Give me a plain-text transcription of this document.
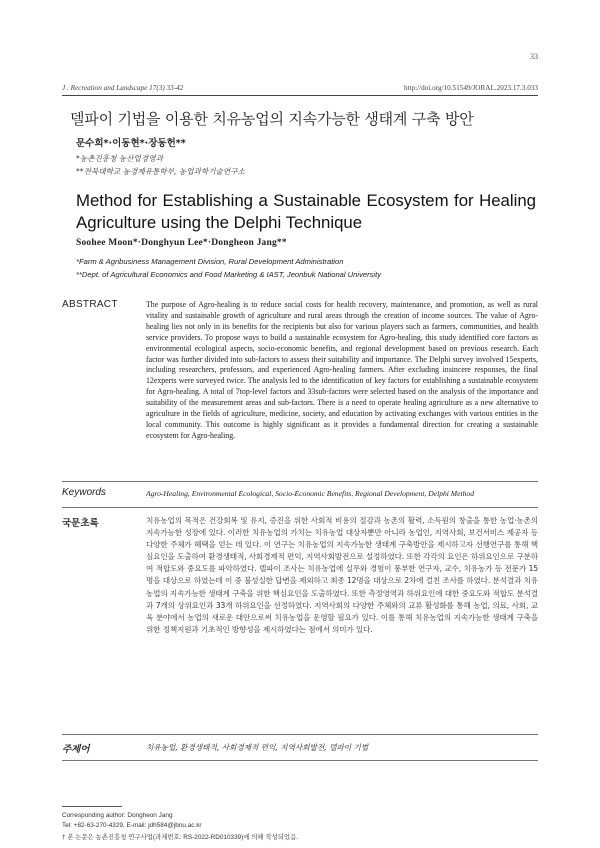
33
J . Recreation and Landscape 17(3) 33-42	http://doi.org/10.51549/JORAL.2023.17.3.033
델파이 기법을 이용한 치유농업의 지속가능한 생태계 구축 방안
문수희*·이동현*·장동헌**
*농촌진흥청 농산업경영과
**전북대학교 농경제유통학부, 농업과학기술연구소
Method for Establishing a Sustainable Ecosystem for Healing Agriculture using the Delphi Technique
Soohee Moon*·Donghyun Lee*·Dongheon Jang**
*Farm & Agribusiness Management Division, Rural Development Administration
**Dept. of Agricultural Economics and Food Marketing & IAST, Jeonbuk National University
ABSTRACT	The purpose of Agro-healing is to reduce social costs for health recovery, maintenance, and promotion, as well as rural vitality and sustainable growth of agriculture and rural areas through the creation of income sources. The value of Agro-healing lies not only in its benefits for the recipients but also for various players such as farmers, communities, and health service providers. To propose ways to build a sustainable ecosystem for Agro-healing, this study identified core factors as environmental ecological aspects, socio-economic benefits, and regional development based on previous research. Each factor was further divided into sub-factors to assess their suitability and importance. The Delphi survey involved 15experts, including researchers, professors, and experienced Agro-healing farmers. After excluding insincere responses, the final 12experts were surveyed twice. The analysis led to the identification of key factors for establishing a sustainable ecosystem for Agro-healing. A total of 7top-level factors and 33sub-factors were selected based on the analysis of the importance and suitability of the measurement areas and sub-factors. There is a need to operate healing agriculture as a new alternative to agriculture in the fields of agriculture, medicine, society, and education by activating exchanges with various entities in the local community. This outcome is highly significant as it provides a fundamental direction for creating a sustainable ecosystem for Agro-healing.
Keywords	Agro-Healing, Environmental Ecological, Socio-Economic Benefits, Regional Development, Delphi Method
국문초록	치유농업의 목적은 건강회복 및 유지, 증진을 위한 사회적 비용의 절감과 농촌의 활력, 소득원의 창출을 통한 농업·농촌의 지속가능한 성장에 있다. 이러한 치유농업의 가치는 치유농업 대상자뿐만 아니라 농업인, 지역사회, 보건서비스 제공자 등 다양한 주체가 혜택을 얻는 데 있다. 이 연구는 치유농업의 지속가능한 생태계 구축방안을 제시하고자 선행연구를 통해 핵심요인을 도출하여 환경생태적, 사회경제적 편익, 지역사회발전으로 설정하였다. 또한 각각의 요인은 하위요인으로 구분하여 적합도와 중요도를 파악하였다. 델파이 조사는 치유농업에 실무와 경험이 풍부한 연구자, 교수, 치유농가 등 전문가 15명을 대상으로 하였는데 이 중 불성실한 답변을 제외하고 최종 12명을 대상으로 2차에 걸친 조사를 하였다. 분석결과 치유농업의 지속가능한 생태계 구축을 위한 핵심요인을 도출하였다. 또한 측정영역과 하위요인에 대한 중요도와 적합도 분석결과 7개의 상위요인과 33개 하위요인을 선정하였다. 지역사회의 다양한 주체와의 교류 활성화를 통해 농업, 의료, 사회, 교육 분야에서 농업의 새로운 대안으로써 치유농업을 운영할 필요가 있다. 이를 통해 치유농업의 지속가능한 생태계 구축을 위한 정책지원과 기초적인 방향성을 제시하였다는 점에서 의미가 있다.
주제어	치유농업, 환경생태적, 사회경제적 편익, 지역사회발전, 델파이 기법
Corresponding author: Dongheon Jang
Tel: +82-63-270-4329, E-mail: jdh584@jbnu.ac.kr
† 본 논문은 농촌진흥청 연구사업(과제번호: RS-2022-RD010339)에 의해 작성되었음.
